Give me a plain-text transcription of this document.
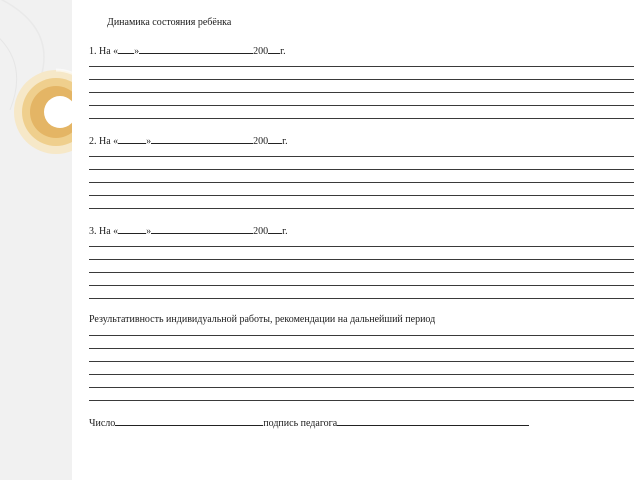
Динамика состояния ребёнка
1. На « »	200 г.
2. На «	»	200 г.
3. На «	»	200 г.
Результативность индивидуальной работы, рекомендации на дальнейший период
Число	подпись педагога
